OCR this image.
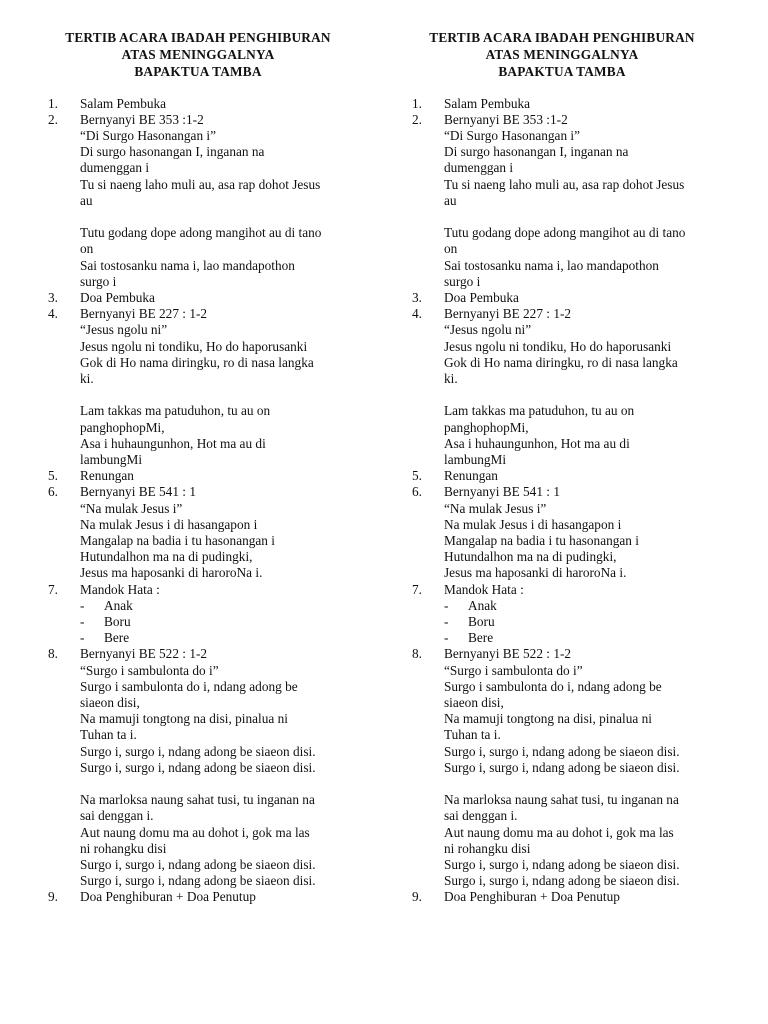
TERTIB ACARA IBADAH PENGHIBURAN
ATAS MENINGGALNYA
BAPAKTUA TAMBA
1.	Salam Pembuka
2.	Bernyanyi BE 353 :1-2
“Di Surgo Hasonangan i”
Di surgo hasonangan I, inganan na
dumenggan i
Tu si naeng laho muli au, asa rap dohot Jesus
au
Tutu godang dope adong mangihot au di tano
on
Sai tostosanku nama i, lao mandapothon
surgo i
3.	Doa Pembuka
4.	Bernyanyi BE 227 : 1-2
“Jesus ngolu ni”
Jesus ngolu ni tondiku, Ho do haporusanki
Gok di Ho nama diringku, ro di nasa langka
ki.
Lam takkas ma patuduhon, tu au on
panghophopMi,
Asa i huhaungunhon, Hot ma au di
lambungMi
5.	Renungan
6.	Bernyanyi BE 541 : 1
“Na mulak Jesus i”
Na mulak Jesus i di hasangapon i
Mangalap na badia i tu hasonangan i
Hutundalhon ma na di pudingki,
Jesus ma haposanki di haroroNa i.
7.	Mandok Hata :
-	Anak
-	Boru
-	Bere
8.	Bernyanyi BE 522 : 1-2
“Surgo i sambulonta do i”
Surgo i sambulonta do i, ndang adong be
siaeon disi,
Na mamuji tongtong na disi, pinalua ni
Tuhan ta i.
Surgo i, surgo i, ndang adong be siaeon disi.
Surgo i, surgo i, ndang adong be siaeon disi.
Na marloksa naung sahat tusi, tu inganan na
sai denggan i.
Aut naung domu ma au dohot i, gok ma las
ni rohangku disi
Surgo i, surgo i, ndang adong be siaeon disi.
Surgo i, surgo i, ndang adong be siaeon disi.
9.	Doa Penghiburan + Doa Penutup
TERTIB ACARA IBADAH PENGHIBURAN
ATAS MENINGGALNYA
BAPAKTUA TAMBA
1.	Salam Pembuka
2.	Bernyanyi BE 353 :1-2
“Di Surgo Hasonangan i”
Di surgo hasonangan I, inganan na
dumenggan i
Tu si naeng laho muli au, asa rap dohot Jesus
au
Tutu godang dope adong mangihot au di tano
on
Sai tostosanku nama i, lao mandapothon
surgo i
3.	Doa Pembuka
4.	Bernyanyi BE 227 : 1-2
“Jesus ngolu ni”
Jesus ngolu ni tondiku, Ho do haporusanki
Gok di Ho nama diringku, ro di nasa langka
ki.
Lam takkas ma patuduhon, tu au on
panghophopMi,
Asa i huhaungunhon, Hot ma au di
lambungMi
5.	Renungan
6.	Bernyanyi BE 541 : 1
“Na mulak Jesus i”
Na mulak Jesus i di hasangapon i
Mangalap na badia i tu hasonangan i
Hutundalhon ma na di pudingki,
Jesus ma haposanki di haroroNa i.
7.	Mandok Hata :
-	Anak
-	Boru
-	Bere
8.	Bernyanyi BE 522 : 1-2
“Surgo i sambulonta do i”
Surgo i sambulonta do i, ndang adong be
siaeon disi,
Na mamuji tongtong na disi, pinalua ni
Tuhan ta i.
Surgo i, surgo i, ndang adong be siaeon disi.
Surgo i, surgo i, ndang adong be siaeon disi.
Na marloksa naung sahat tusi, tu inganan na
sai denggan i.
Aut naung domu ma au dohot i, gok ma las
ni rohangku disi
Surgo i, surgo i, ndang adong be siaeon disi.
Surgo i, surgo i, ndang adong be siaeon disi.
9.	Doa Penghiburan + Doa Penutup
